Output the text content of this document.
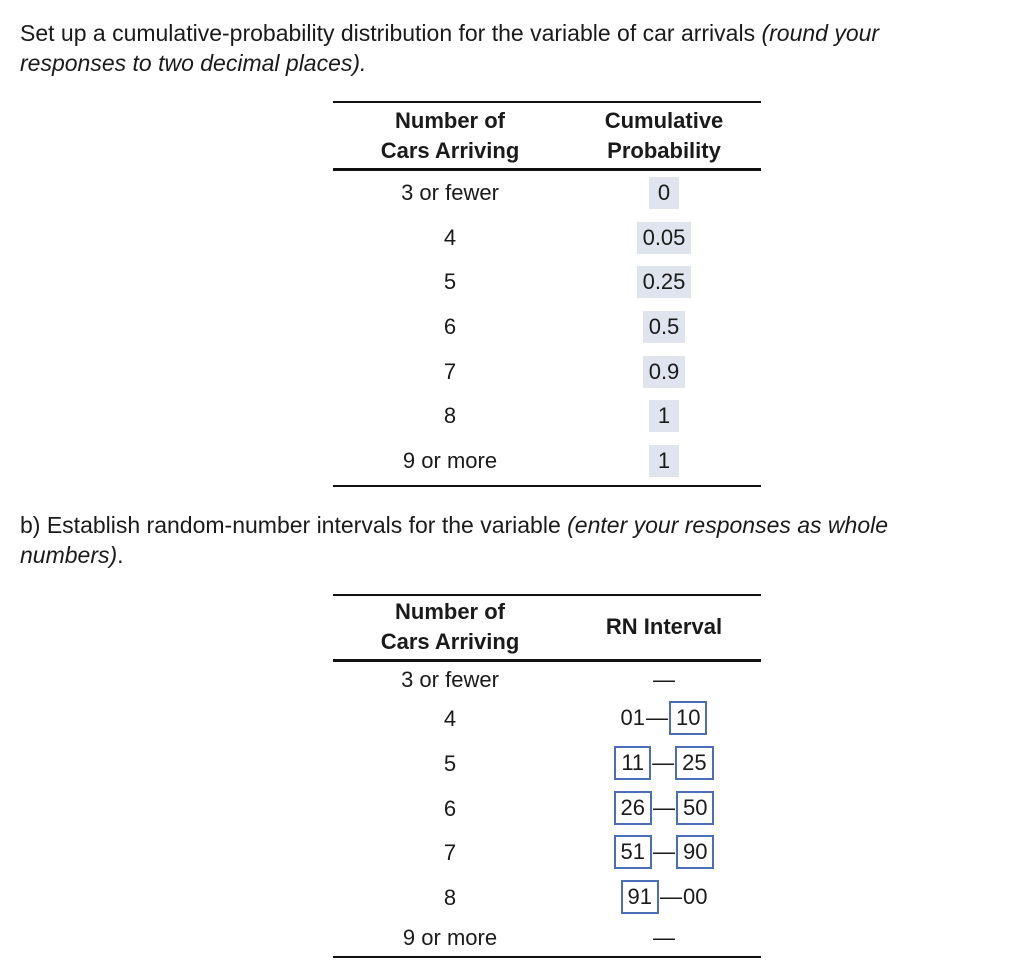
Set up a cumulative-probability distribution for the variable of car arrivals (round your responses to two decimal places).

Number of
Cars Arriving
Cumulative
Probability
3 or fewer	0
4	0.05
5	0.25
6	0.5
7	0.9
8	1
9 or more	1

b) Establish random-number intervals for the variable (enter your responses as whole numbers).

Number of
Cars Arriving
RN Interval
3 or fewer	—
4	01 — 10
5	11 — 25
6	26 — 50
7	51 — 90
8	91 — 00
9 or more	—
